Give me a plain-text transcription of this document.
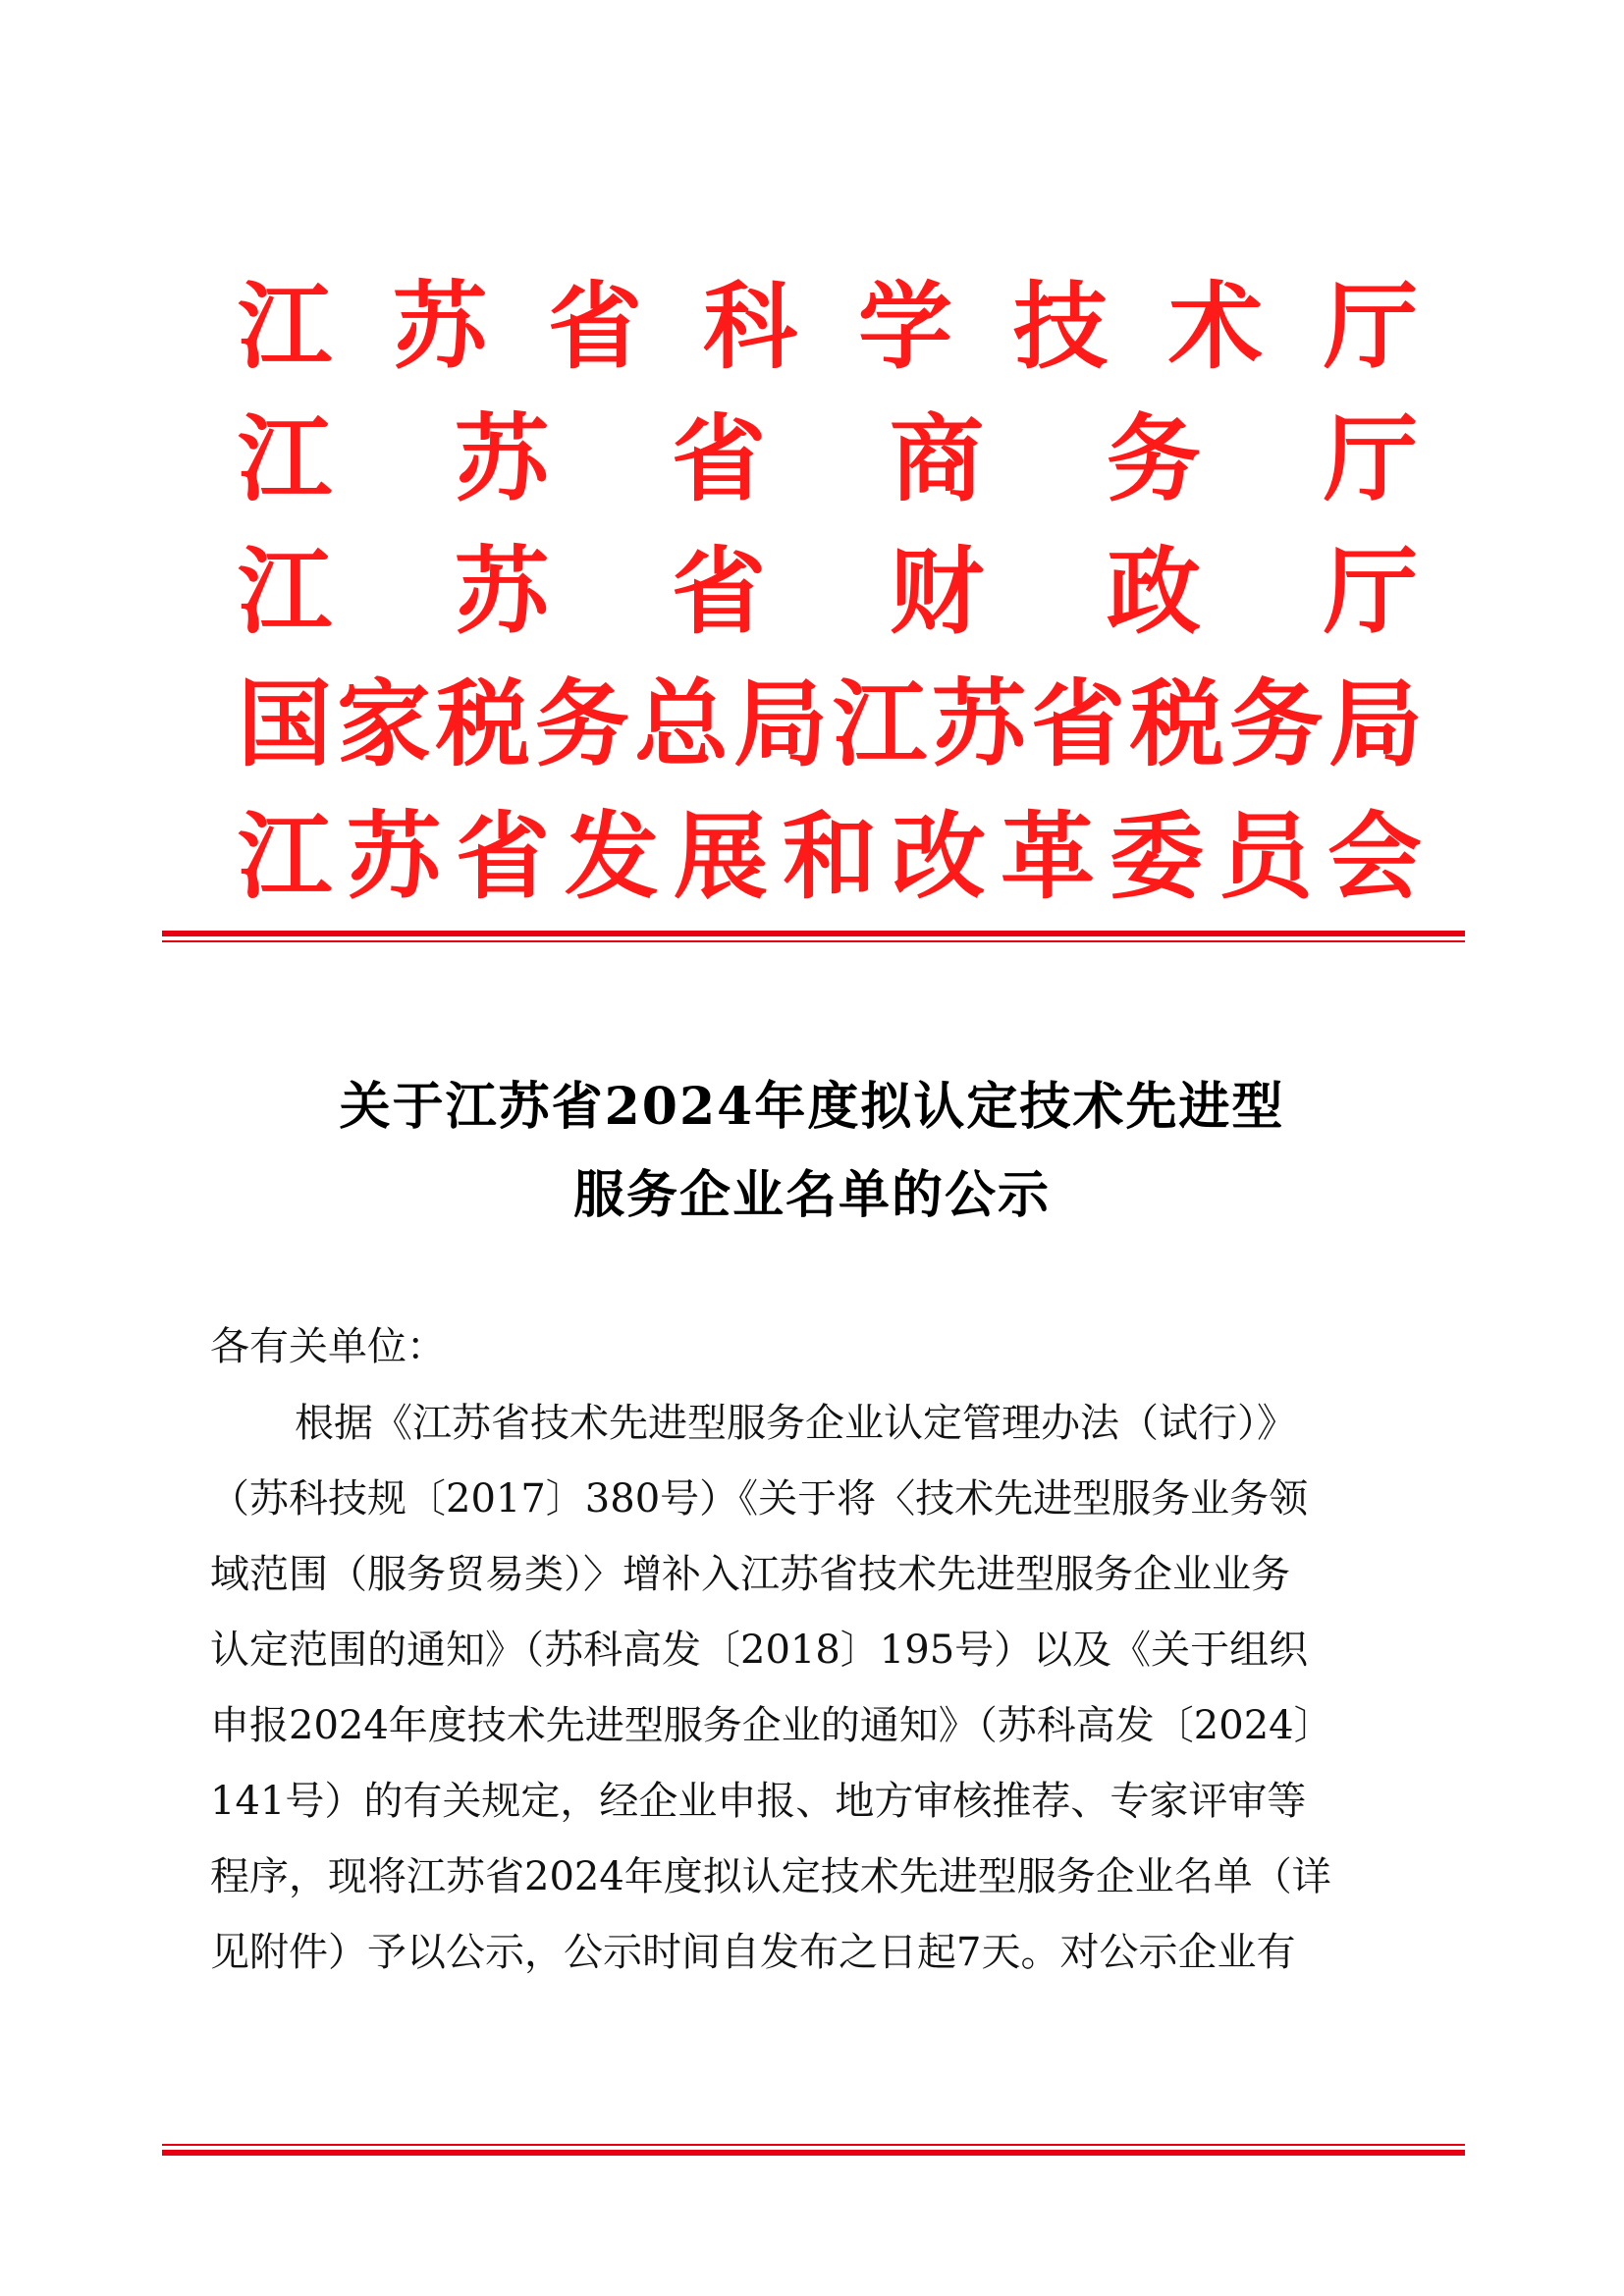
江 苏 省 科 学 技 术 厅
江 苏 省 商 务 厅
江 苏 省 财 政 厅
国 家 税 务 总 局 江 苏 省 税 务 局
江 苏 省 发 展 和 改 革 委 员 会
关于江苏省2024年度拟认定技术先进型
服务企业名单的公示
各有关单位：
根据《江苏省技术先进型服务企业认定管理办法（试行）》
（苏科技规〔2017〕380号）《关于将〈技术先进型服务业务领
域范围（服务贸易类）〉增补入江苏省技术先进型服务企业业务
认定范围的通知》（苏科高发〔2018〕195号）以及《关于组织
申报2024年度技术先进型服务企业的通知》（苏科高发〔2024〕
141号）的有关规定，经企业申报、地方审核推荐、专家评审等
程序，现将江苏省2024年度拟认定技术先进型服务企业名单（详
见附件）予以公示，公示时间自发布之日起7天。对公示企业有
